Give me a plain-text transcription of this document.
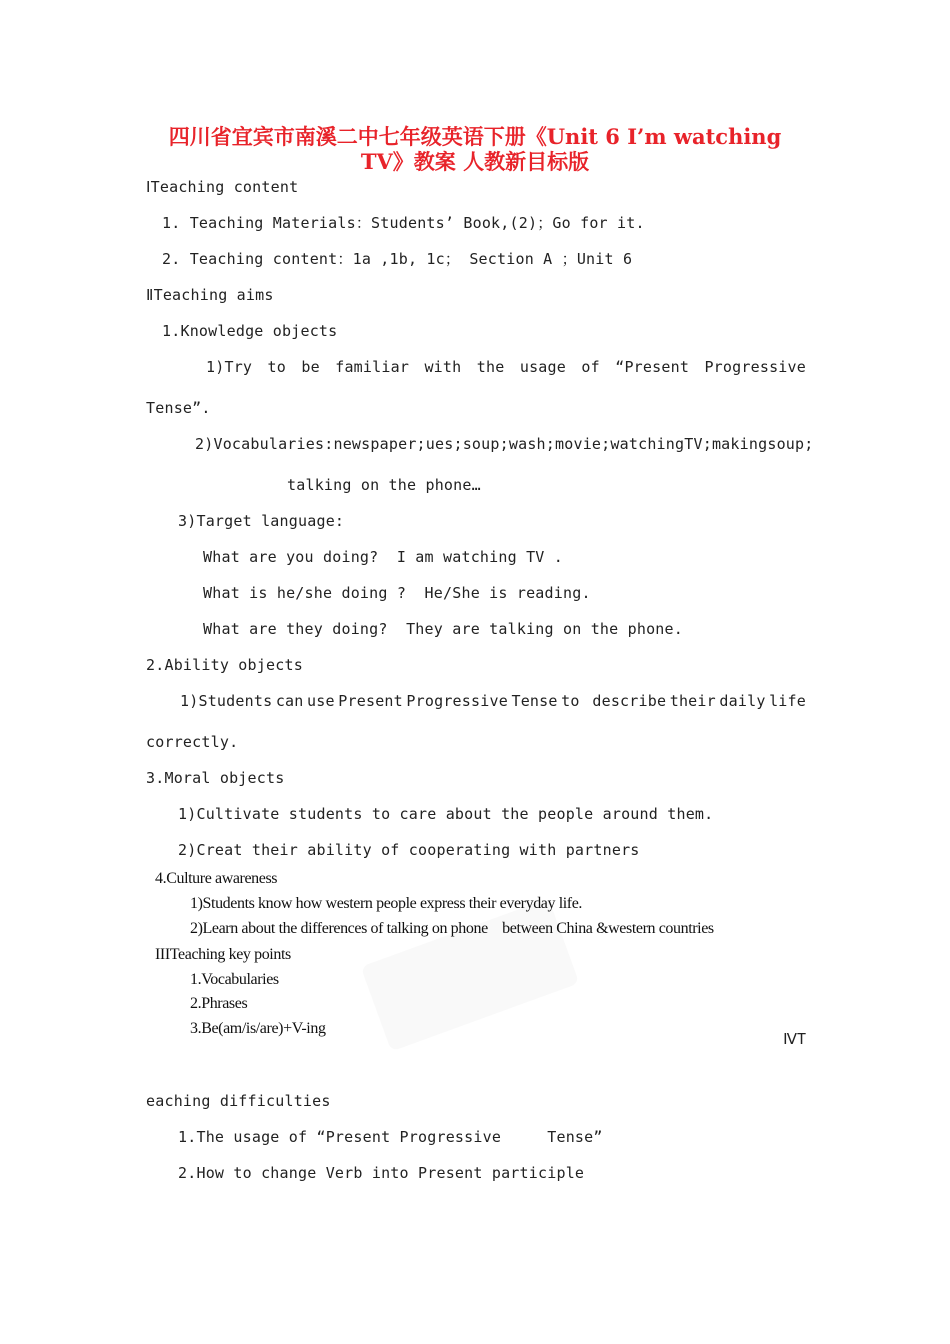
四川省宜宾市南溪二中七年级英语下册《Unit 6 I’m watching
TV》教案 人教新目标版
ⅠTeaching content
1. Teaching Materials：Students’ Book,(2)；Go for it.
2. Teaching content：1a ,1b, 1c； Section A ；Unit 6
ⅡTeaching aims
1.Knowledge objects
1)Try to be familiar with the usage of “Present Progressive
Tense”.
2)Vocabularies: newspaper;ues;soup;wash;movie;watching TV; making soup;
talking on the phone…
3)Target language:
What are you doing?  I am watching TV .
What is he/she doing ?  He/She is reading.
What are they doing?  They are talking on the phone.
2.Ability objects
1)Students can use Present Progressive Tense to describe their daily life
correctly.
3.Moral objects
1)Cultivate students to care about the people around them.
2)Creat their ability of cooperating with partners
4.Culture awareness
1)Students know how western people express their everyday life.
2)Learn about the differences of talking on phone    between China &western countries
IIITeaching key points
1.Vocabularies
2.Phrases
3.Be(am/is/are)+V-ing
ⅣT
eaching difficulties
1.The usage of “Present Progressive     Tense”
2.How to change Verb into Present participle
